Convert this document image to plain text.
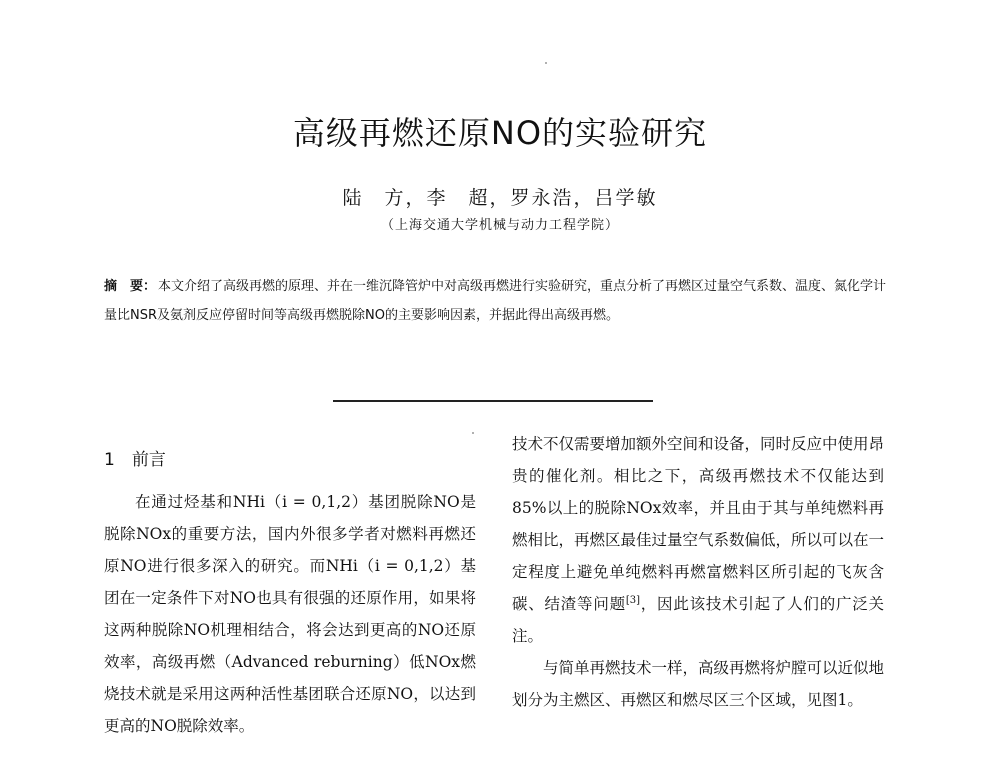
高级再燃还原NO的实验研究
陆　方，李　超，罗永浩，吕学敏
（上海交通大学机械与动力工程学院）
摘　要： 本文介绍了高级再燃的原理、并在一维沉降管炉中对高级再燃进行实验研究，重点分析了再燃区过量空气系数、温度、氮化学计量比NSR及氨剂反应停留时间等高级再燃脱除NO的主要影响因素，并据此得出高级再燃。
1　前言

在通过烃基和NHi（i = 0,1,2）基团脱除NO是脱除NOx的重要方法，国内外很多学者对燃料再燃还原NO进行很多深入的研究。而NHi（i = 0,1,2）基团在一定条件下对NO也具有很强的还原作用，如果将这两种脱除NO机理相结合，将会达到更高的NO还原效率，高级再燃（Advanced reburning）低NOx燃烧技术就是采用这两种活性基团联合还原NO，以达到更高的NO脱除效率。

技术不仅需要增加额外空间和设备，同时反应中使用昂贵的催化剂。相比之下，高级再燃技术不仅能达到85%以上的脱除NOx效率，并且由于其与单纯燃料再燃相比，再燃区最佳过量空气系数偏低，所以可以在一定程度上避免单纯燃料再燃富燃料区所引起的飞灰含碳、结渣等问题[3]，因此该技术引起了人们的广泛关注。

与简单再燃技术一样，高级再燃将炉膛可以近似地划分为主燃区、再燃区和燃尽区三个区域，见图1。
